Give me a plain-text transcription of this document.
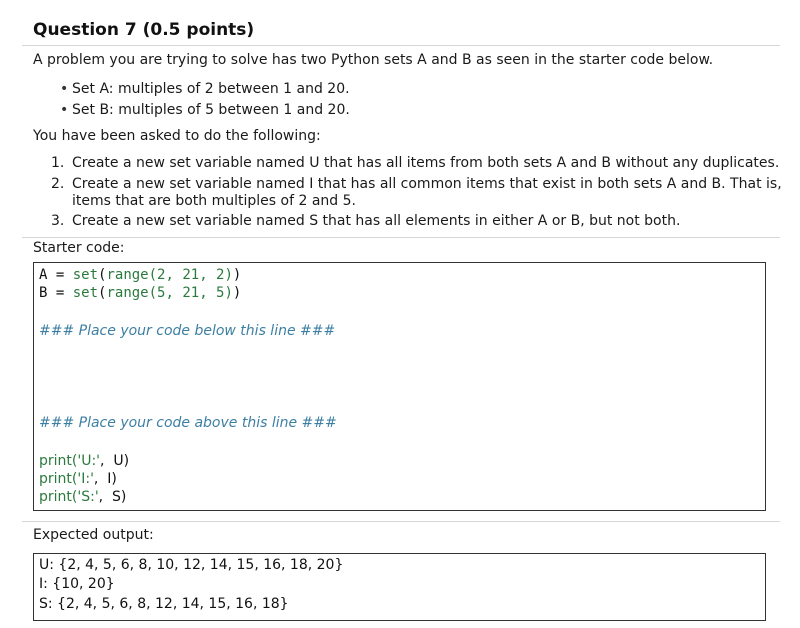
Question 7 (0.5 points)
A problem you are trying to solve has two Python sets A and B as seen in the starter code below.
• Set A: multiples of 2 between 1 and 20.
• Set B: multiples of 5 between 1 and 20.
You have been asked to do the following:
1. Create a new set variable named U that has all items from both sets A and B without any duplicates.
2. Create a new set variable named I that has all common items that exist in both sets A and B. That is,
items that are both multiples of 2 and 5.
3. Create a new set variable named S that has all elements in either A or B, but not both.
Starter code:
A = set(range(2, 21, 2))
B = set(range(5, 21, 5))
### Place your code below this line ###
### Place your code above this line ###
print('U:',  U)
print('I:',  I)
print('S:',  S)
Expected output:
U: {2, 4, 5, 6, 8, 10, 12, 14, 15, 16, 18, 20}
I: {10, 20}
S: {2, 4, 5, 6, 8, 12, 14, 15, 16, 18}
